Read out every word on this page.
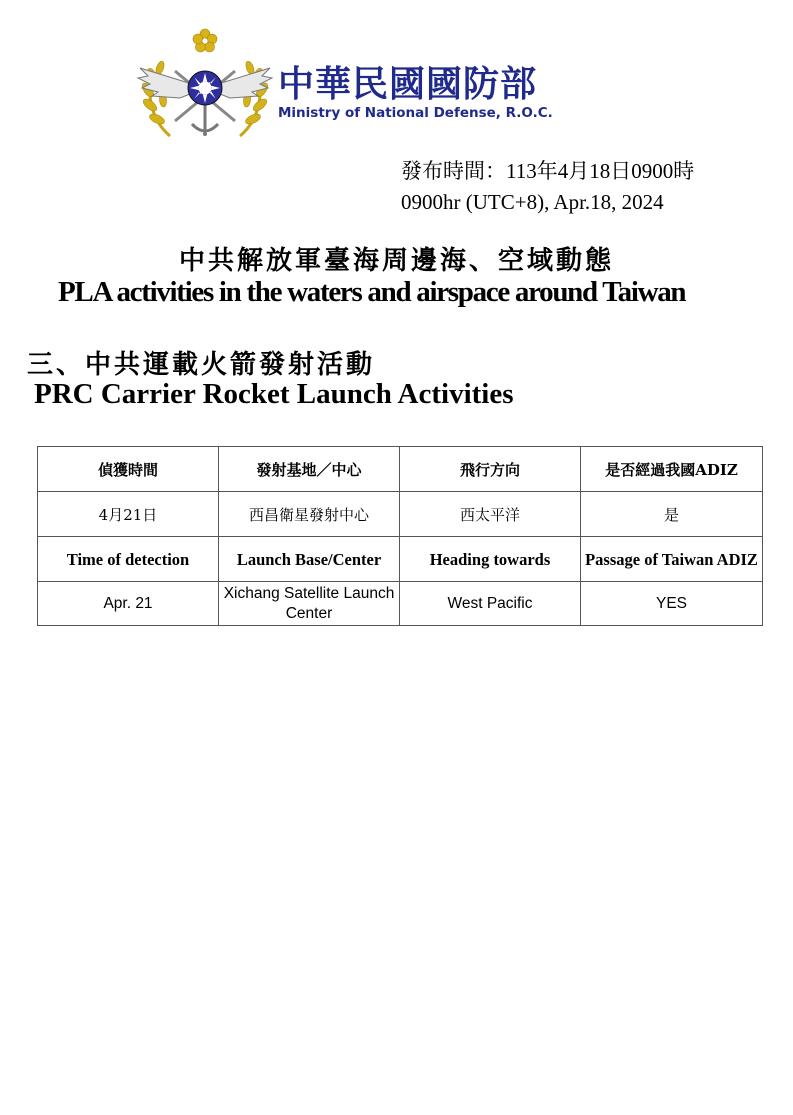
中華民國國防部
Ministry of National Defense, R.O.C.
發布時間：113年4月18日0900時
0900hr (UTC+8), Apr.18, 2024
中共解放軍臺海周邊海、空域動態
PLA activities in the waters and airspace around Taiwan
三、中共運載火箭發射活動
PRC Carrier Rocket Launch Activities
偵獲時間	發射基地／中心	飛行方向	是否經過我國ADIZ
4月21日	西昌衛星發射中心	西太平洋	是
Time of detection	Launch Base/Center	Heading towards	Passage of Taiwan ADIZ
Apr. 21	Xichang Satellite Launch Center	West Pacific	YES
